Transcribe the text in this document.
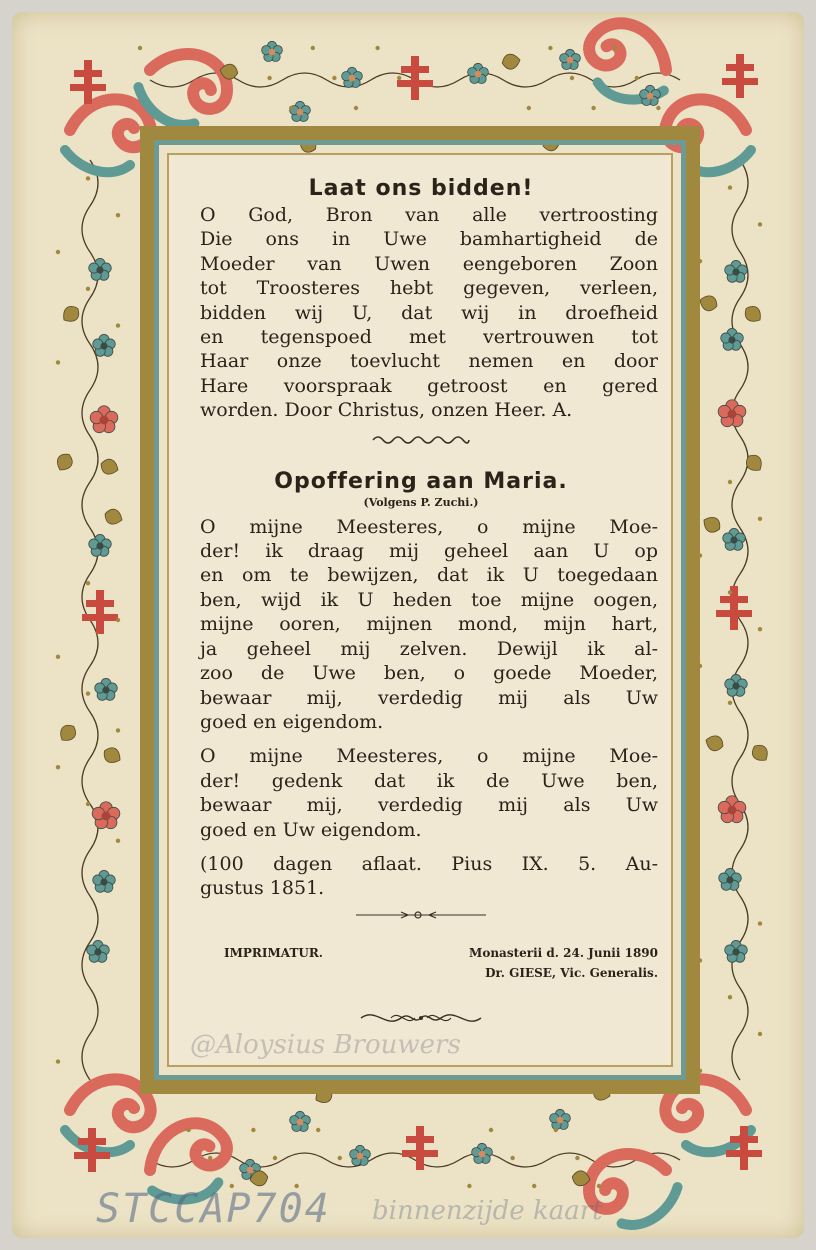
Laat ons bidden!
O God, Bron van alle vertroosting
Die ons in Uwe bamhartigheid de
Moeder van Uwen eengeboren Zoon
tot Troosteres hebt gegeven, verleen,
bidden wij U, dat wij in droefheid
en tegenspoed met vertrouwen tot
Haar onze toevlucht nemen en door
Hare voorspraak getroost en gered
worden. Door Christus, onzen Heer. A.
Opoffering aan Maria.
(Volgens P. Zuchi.)
O mijne Meesteres, o mijne Moe-
der! ik draag mij geheel aan U op
en om te bewijzen, dat ik U toegedaan
ben, wijd ik U heden toe mijne oogen,
mijne ooren, mijnen mond, mijn hart,
ja geheel mij zelven. Dewijl ik al-
zoo de Uwe ben, o goede Moeder,
bewaar mij, verdedig mij als Uw
goed en eigendom.
O mijne Meesteres, o mijne Moe-
der! gedenk dat ik de Uwe ben,
bewaar mij, verdedig mij als Uw
goed en Uw eigendom.
(100 dagen aflaat. Pius IX. 5. Au-
gustus 1851.
IMPRIMATUR.	Monasterii d. 24. Junii 1890
Dr. GIESE, Vic. Generalis.
@Aloysius Brouwers
STCCAP704 binnenzijde kaart
